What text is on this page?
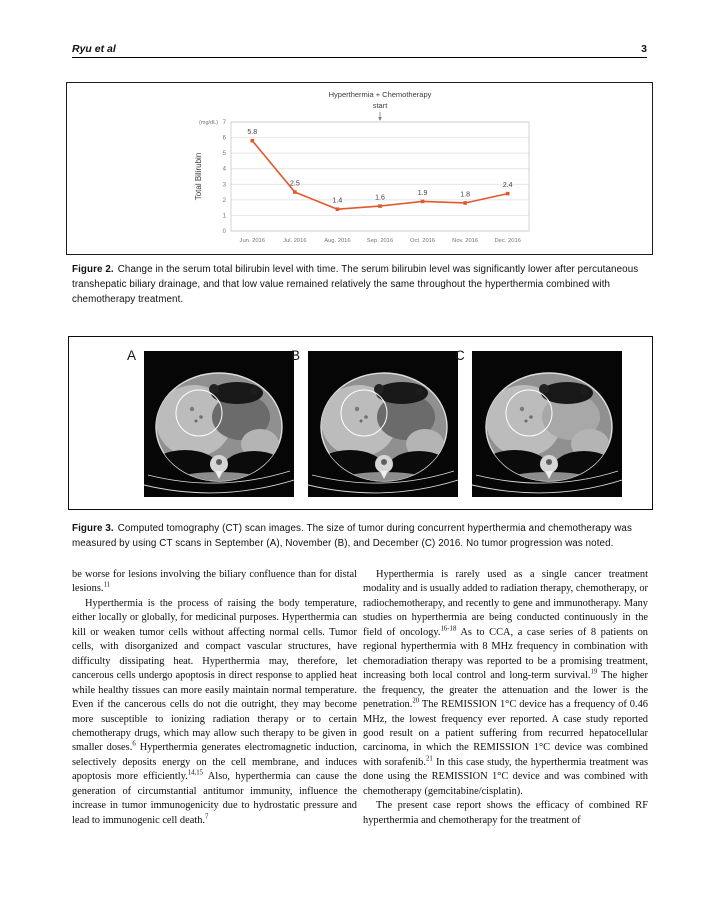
Ryu et al	3
0
1
2
3
4
5
6
7
(mg/dL)
Total Bilirubin
Jun. 2016	Jul. 2016	Aug. 2016	Sep. 2016	Oct. 2016	Nov. 2016	Dec. 2016
5.8
2.5
1.4	1.6
1.9	1.8
2.4
Hyperthermia + Chemotherapy
start
Figure 2. Change in the serum total bilirubin level with time. The serum bilirubin level was significantly lower after percutaneous transhepatic biliary drainage, and that low value remained relatively the same throughout the hyperthermia combined with chemotherapy treatment.
A	B	C
Figure 3. Computed tomography (CT) scan images. The size of tumor during concurrent hyperthermia and chemotherapy was measured by using CT scans in September (A), November (B), and December (C) 2016. No tumor progression was noted.

be worse for lesions involving the biliary confluence than for distal lesions.$^{11}$

Hyperthermia is the process of raising the body temperature, either locally or globally, for medicinal purposes. Hyperthermia can kill or weaken tumor cells without affecting normal cells. Tumor cells, with disorganized and compact vascular structures, have difficulty dissipating heat. Hyperthermia may, therefore, let cancerous cells undergo apoptosis in direct response to applied heat while healthy tissues can more easily maintain normal temperature. Even if the cancerous cells do not die outright, they may become more susceptible to ionizing radiation therapy or to certain chemotherapy drugs, which may allow such therapy to be given in smaller doses.$^6$ Hyperthermia generates electromagnetic induction, selectively deposits energy on the cell membrane, and induces apoptosis more efficiently.$^{14,15}$ Also, hyperthermia can cause the generation of circumstantial antitumor immunity, influence the increase in tumor immunogenicity due to hydrostatic pressure and lead to immunogenic cell death.$^7$

Hyperthermia is rarely used as a single cancer treatment modality and is usually added to radiation therapy, chemotherapy, or radiochemotherapy, and recently to gene and immunotherapy. Many studies on hyperthermia are being conducted continuously in the field of oncology.$^{16-18}$ As to CCA, a case series of 8 patients on regional hyperthermia with 8 MHz frequency in combination with chemoradiation therapy was reported to be a promising treatment, increasing both local control and long-term survival.$^{19}$ The higher the frequency, the greater the attenuation and the lower is the penetration.$^{20}$ The REMISSION 1°C device has a frequency of 0.46 MHz, the lowest frequency ever reported. A case study reported good result on a patient suffering from recurred hepatocellular carcinoma, in which the REMISSION 1°C device was combined with sorafenib.$^{21}$ In this case study, the hyperthermia treatment was done using the REMISSION 1°C device and was combined with chemotherapy (gemcitabine/cisplatin).

The present case report shows the efficacy of combined RF hyperthermia and chemotherapy for the treatment of
